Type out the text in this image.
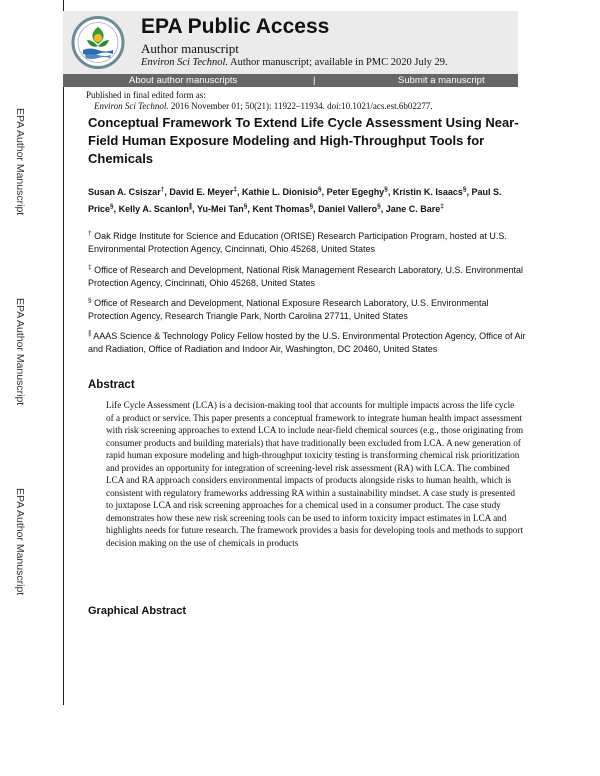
EPA Author Manuscript
EPA Author Manuscript
EPA Author Manuscript
EPA Public Access
Author manuscript
Environ Sci Technol. Author manuscript; available in PMC 2020 July 29.
About author manuscripts	|	Submit a manuscript
Published in final edited form as:
Environ Sci Technol. 2016 November 01; 50(21): 11922–11934. doi:10.1021/acs.est.6b02277.
Conceptual Framework To Extend Life Cycle Assessment Using Near-Field Human Exposure Modeling and High-Throughput Tools for Chemicals
Susan A. Csiszar†, David E. Meyer‡, Kathie L. Dionisio§, Peter Egeghy§, Kristin K. Isaacs§, Paul S. Price§, Kelly A. Scanlon∥, Yu-Mei Tan§, Kent Thomas§, Daniel Vallero§, Jane C. Bare‡
† Oak Ridge Institute for Science and Education (ORISE) Research Participation Program, hosted at U.S. Environmental Protection Agency, Cincinnati, Ohio 45268, United States
‡ Office of Research and Development, National Risk Management Research Laboratory, U.S. Environmental Protection Agency, Cincinnati, Ohio 45268, United States
§ Office of Research and Development, National Exposure Research Laboratory, U.S. Environmental Protection Agency, Research Triangle Park, North Carolina 27711, United States
∥ AAAS Science & Technology Policy Fellow hosted by the U.S. Environmental Protection Agency, Office of Air and Radiation, Office of Radiation and Indoor Air, Washington, DC 20460, United States
Abstract
Life Cycle Assessment (LCA) is a decision-making tool that accounts for multiple impacts across the life cycle of a product or service. This paper presents a conceptual framework to integrate human health impact assessment with risk screening approaches to extend LCA to include near-field chemical sources (e.g., those originating from consumer products and building materials) that have traditionally been excluded from LCA. A new generation of rapid human exposure modeling and high-throughput toxicity testing is transforming chemical risk prioritization and provides an opportunity for integration of screening-level risk assessment (RA) with LCA. The combined LCA and RA approach considers environmental impacts of products alongside risks to human health, which is consistent with regulatory frameworks addressing RA within a sustainability mindset. A case study is presented to juxtapose LCA and risk screening approaches for a chemical used in a consumer product. The case study demonstrates how these new risk screening tools can be used to inform toxicity impact estimates in LCA and highlights needs for future research. The framework provides a basis for developing tools and methods to support decision making on the use of chemicals in products
Graphical Abstract
